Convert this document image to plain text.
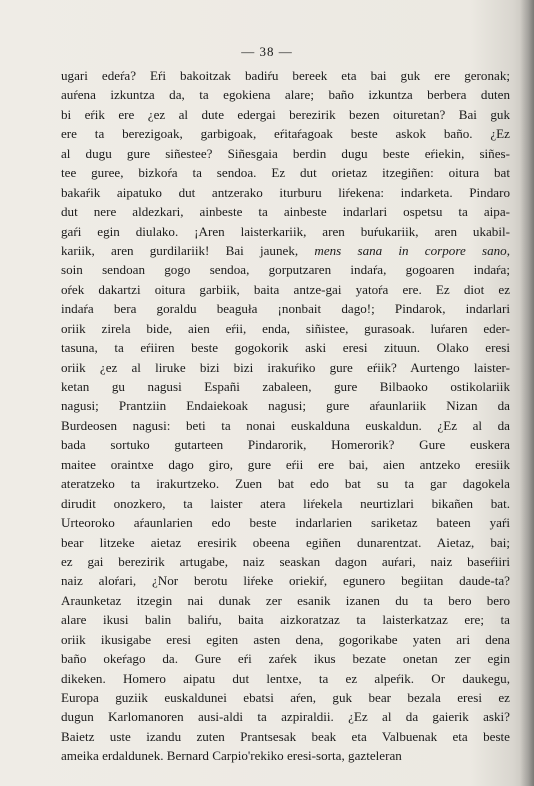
— 38 —
ugari edeŕa? Eŕi bakoitzak badiŕu bereek eta bai guk ere geronak;
auŕena izkuntza da, ta egokiena alare; baño izkuntza berbera duten
bi eŕik ere ¿ez al dute edergai berezirik bezen oituretan? Bai guk
ere ta berezigoak, garbigoak, eŕitaŕagoak beste askok baño. ¿Ez
al dugu gure siñestee? Siñesgaia berdin dugu beste eŕiekin, siñes-
tee guree, bizkoŕa ta sendoa. Ez dut orietaz itzegiñen: oitura bat
bakaŕik aipatuko dut antzerako iturburu liŕekena: indarketa. Pindaro
dut nere aldezkari, ainbeste ta ainbeste indarlari ospetsu ta aipa-
gaŕi egin diulako. ¡Aren laisterkariik, aren buŕukariik, aren ukabil-
kariik, aren gurdilariik! Bai jaunek, mens sana in corpore sano,
soin sendoan gogo sendoa, gorputzaren indaŕa, gogoaren indaŕa;
oŕek dakartzi oitura garbiik, baita antze-gai yatoŕa ere. Ez diot ez
indaŕa bera goraldu beaguła ¡nonbait dago!; Pindarok, indarlari
oriik zirela bide, aien eŕii, enda, siñistee, gurasoak. luŕaren eder-
tasuna, ta eŕiiren beste gogokorik aski eresi zituun. Olako eresi
oriik ¿ez al liruke bizi bizi irakuŕiko gure eŕiik? Aurtengo laister-
ketan gu nagusi Españi zabaleen, gure Bilbaoko ostikolariik
nagusi; Prantziin Endaiekoak nagusi; gure aŕaunlariik Nizan da
Burdeosen nagusi: beti ta nonai euskalduna euskaldun. ¿Ez al da
bada sortuko gutarteen Pindarorik, Homerorik? Gure euskera
maitee oraintxe dago giro, gure eŕii ere bai, aien antzeko eresiik
ateratzeko ta irakurtzeko. Zuen bat edo bat su ta gar dagokela
dirudit onozkero, ta laister atera liŕekela neurtizlari bikañen bat.
Urteoroko aŕaunlarien edo beste indarlarien sariketaz bateen yaŕi
bear litzeke aietaz eresirik obeena egiñen dunarentzat. Aietaz, bai;
ez gai berezirik artugabe, naiz seaskan dagon auŕari, naiz baseŕiiri
naiz aloŕari, ¿Nor berotu liŕeke oriekiŕ, egunero begiitan daude-ta?
Araunketaz itzegin nai dunak zer esanik izanen du ta bero bero
alare ikusi balin baliŕu, baita aizkoratzaz ta laisterkatzaz ere; ta
oriik ikusigabe eresi egiten asten dena, gogorikabe yaten ari dena
baño okeŕago da. Gure eŕi zaŕek ikus bezate onetan zer egin
dikeken. Homero aipatu dut lentxe, ta ez alpeŕik. Or daukegu,
Europa guziik euskaldunei ebatsi aŕen, guk bear bezala eresi ez
dugun Karlomanoren ausi-aldi ta azpiraldii. ¿Ez al da gaierik aski?
Baietz uste izandu zuten Prantsesak beak eta Valbuenak eta beste
ameika erdaldunek. Bernard Carpio'rekiko eresi-sorta, gazteleran
